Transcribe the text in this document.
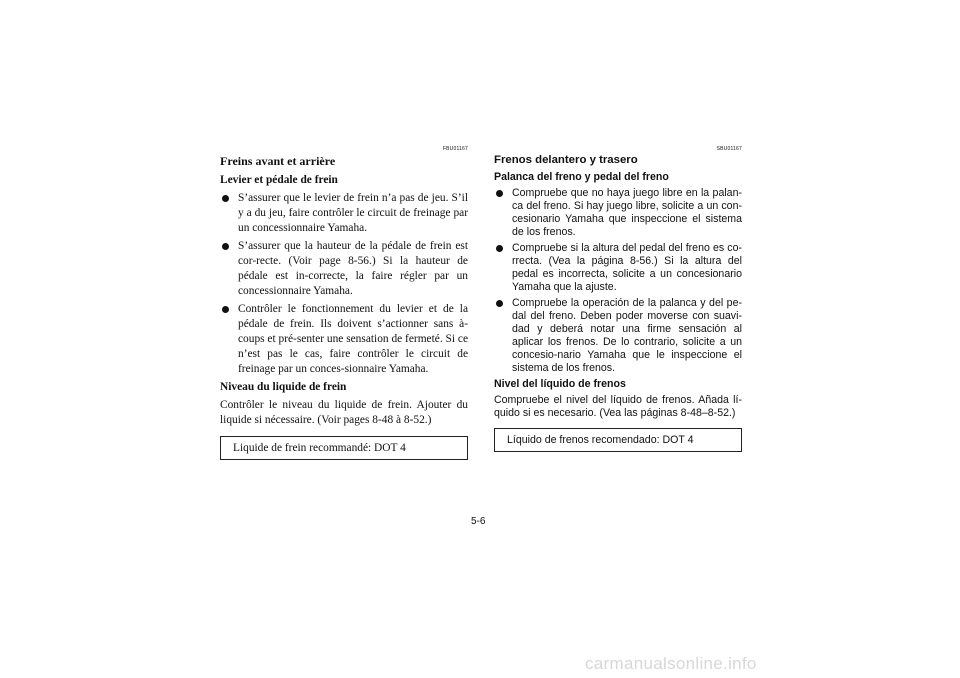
FBU01167
Freins avant et arrière
Levier et pédale de frein
S’assurer que le levier de frein n’a pas de jeu. S’il y a du jeu, faire contrôler le circuit de freinage par un concessionnaire Yamaha.
S’assurer que la hauteur de la pédale de frein est cor-recte. (Voir page 8-56.) Si la hauteur de pédale est in-correcte, la faire régler par un concessionnaire Yamaha.
Contrôler le fonctionnement du levier et de la pédale de frein. Ils doivent s’actionner sans à-coups et pré-senter une sensation de fermeté. Si ce n’est pas le cas, faire contrôler le circuit de freinage par un conces-sionnaire Yamaha.
Niveau du liquide de frein

Contrôler le niveau du liquide de frein. Ajouter du liquide si nécessaire. (Voir pages 8-48 à 8-52.)

Liquide de frein recommandé: DOT 4
SBU01167
Frenos delantero y trasero
Palanca del freno y pedal del freno
Compruebe que no haya juego libre en la palan-ca del freno. Si hay juego libre, solicite a un con-cesionario Yamaha que inspeccione el sistema de los frenos.
Compruebe si la altura del pedal del freno es co-rrecta. (Vea la página 8-56.) Si la altura del pedal es incorrecta, solicite a un concesionario Yamaha que la ajuste.
Compruebe la operación de la palanca y del pe-dal del freno. Deben poder moverse con suavi-dad y deberá notar una firme sensación al aplicar los frenos. De lo contrario, solicite a un concesio-nario Yamaha que le inspeccione el sistema de los frenos.
Nivel del líquido de frenos

Compruebe el nivel del líquido de frenos. Añada lí-quido si es necesario. (Vea las páginas 8-48–8-52.)

Líquido de frenos recomendado: DOT 4
5-6
carmanualsonline.info
